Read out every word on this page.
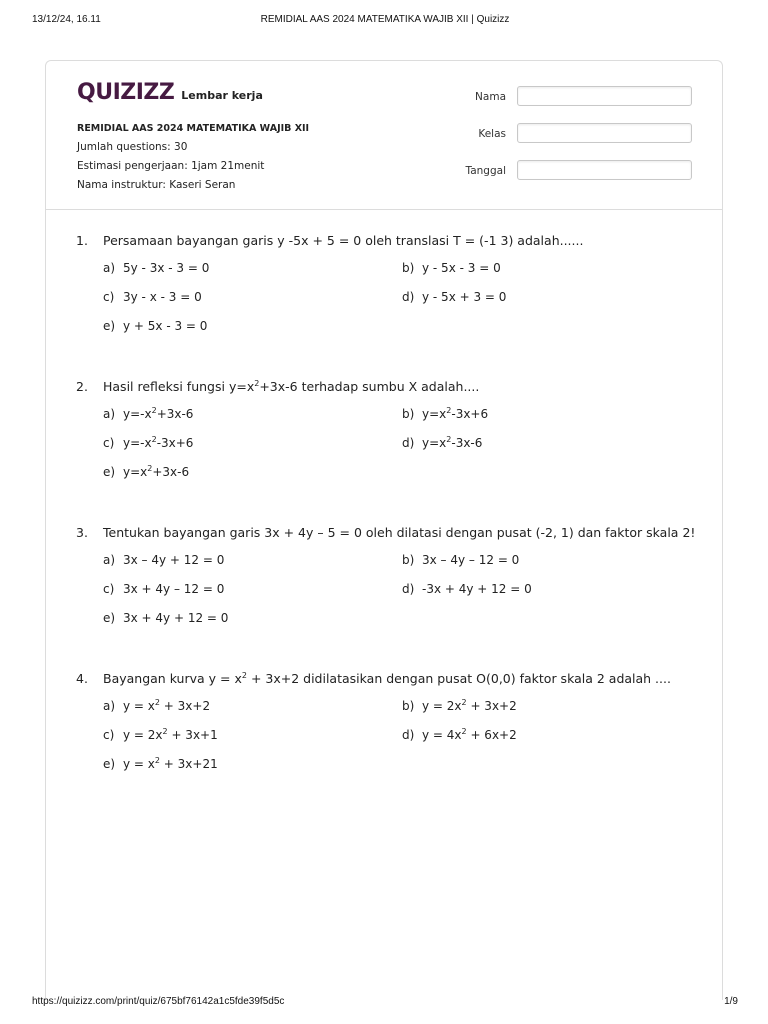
13/12/24, 16.11	REMIDIAL AAS 2024 MATEMATIKA WAJIB XII | Quizizz
QUIZIZZ Lembar kerja
REMIDIAL AAS 2024 MATEMATIKA WAJIB XII
Jumlah questions: 30
Estimasi pengerjaan: 1jam 21menit
Nama instruktur: Kaseri Seran
Nama
Kelas
Tanggal
1.	Persamaan bayangan garis y -5x + 5 = 0 oleh translasi T = (-1 3) adalah......
a) 5y - 3x - 3 = 0	b) y - 5x - 3 = 0
c) 3y - x - 3 = 0	d) y - 5x + 3 = 0
e) y + 5x - 3 = 0
2.	Hasil refleksi fungsi $y=x^2+3x-6$ terhadap sumbu X adalah....
a) $y=-x^2+3x-6$	b) $y=x^2-3x+6$
c) $y=-x^2-3x+6$	d) $y=x^2-3x-6$
e) $y=x^2+3x-6$
3.	Tentukan bayangan garis 3x + 4y – 5 = 0 oleh dilatasi dengan pusat (-2, 1) dan faktor skala 2!
a) 3x – 4y + 12 = 0	b) 3x – 4y – 12 = 0
c) 3x + 4y – 12 = 0	d) -3x + 4y + 12 = 0
e) 3x + 4y + 12 = 0
4.	Bayangan kurva $y = x^2 + 3x+2$ didilatasikan dengan pusat O(0,0) faktor skala 2 adalah ....
a) $y = x^2 + 3x+2$	b) $y = 2x^2 + 3x+2$
c) $y = 2x^2 + 3x+1$	d) $y = 4x^2 + 6x+2$
e) $y = x^2 + 3x+21$
https://quizizz.com/print/quiz/675bf76142a1c5fde39f5d5c	1/9
